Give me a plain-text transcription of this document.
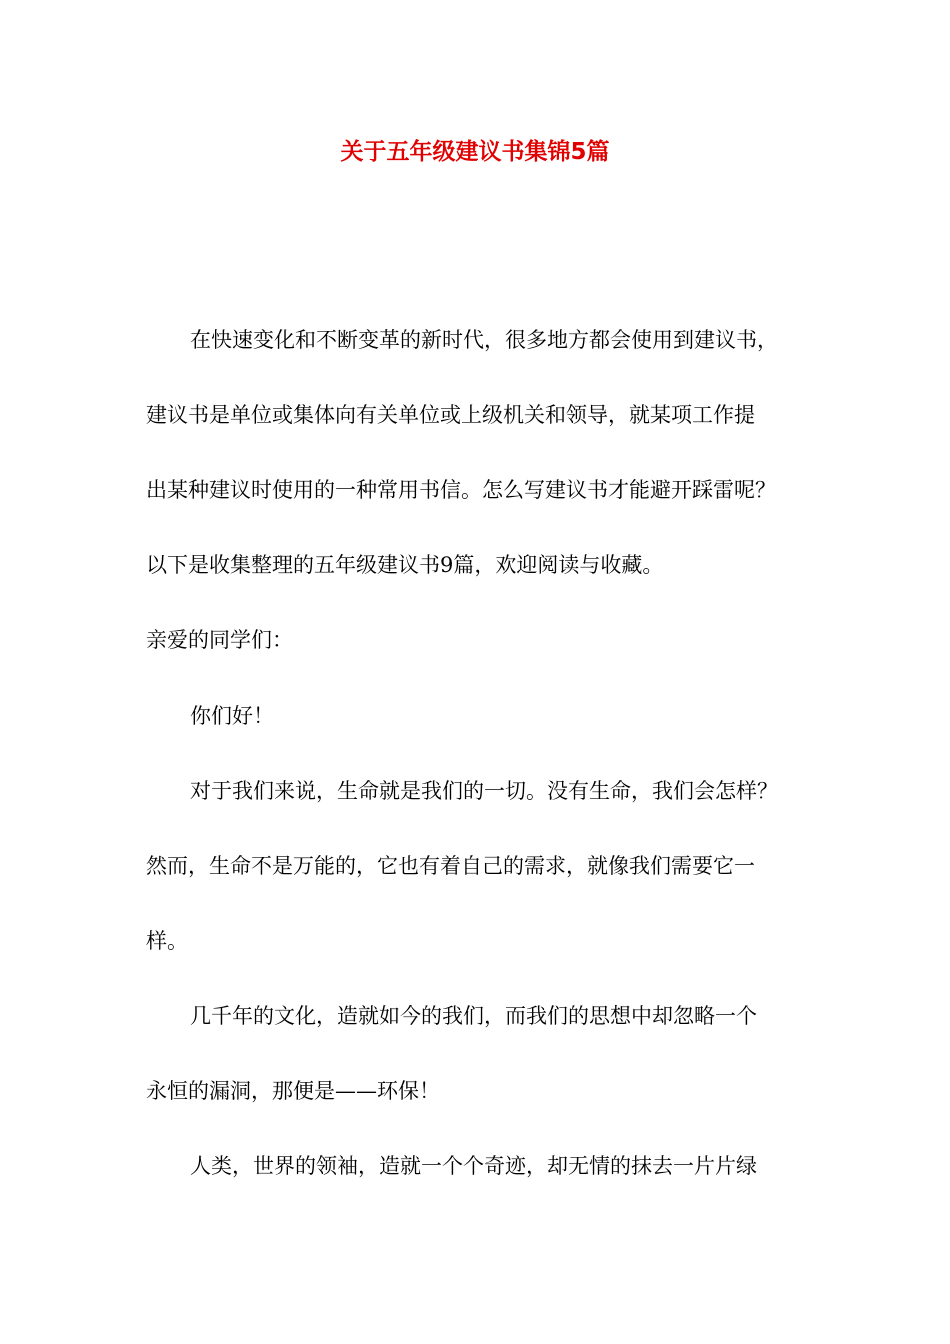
关于五年级建议书集锦5篇

在快速变化和不断变革的新时代，很多地方都会使用到建议书，

建议书是单位或集体向有关单位或上级机关和领导，就某项工作提

出某种建议时使用的一种常用书信。怎么写建议书才能避开踩雷呢？

以下是收集整理的五年级建议书9篇，欢迎阅读与收藏。

亲爱的同学们：

你们好！

对于我们来说，生命就是我们的一切。没有生命，我们会怎样？

然而，生命不是万能的，它也有着自己的需求，就像我们需要它一

样。

几千年的文化，造就如今的我们，而我们的思想中却忽略一个

永恒的漏洞，那便是——环保！

人类，世界的领袖，造就一个个奇迹，却无情的抹去一片片绿
